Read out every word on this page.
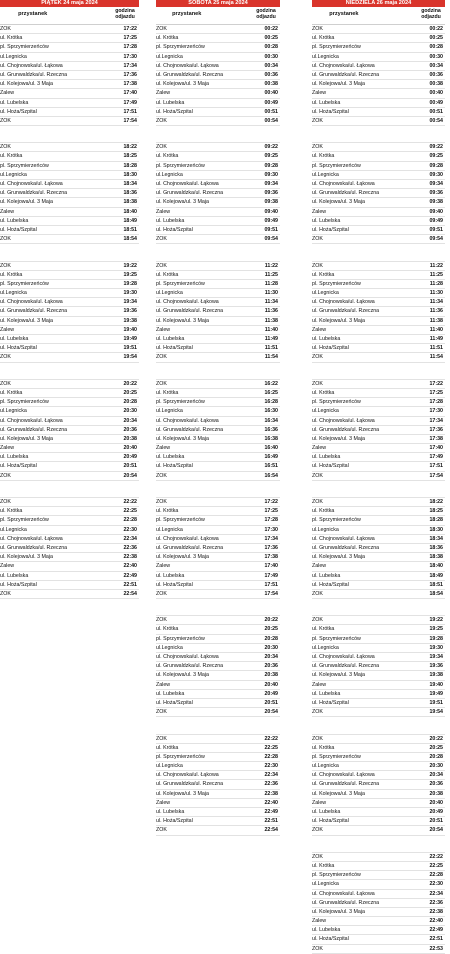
PIĄTEK 24 maja 2024
przystanek	godzina
odjazdu
ZOK	17:22
ul. Krótka	17:25
pl. Sprzymierzeńców	17:28
ul.Legnicka	17:30
ul. Chojnowska/ul. Łąkowa	17:34
ul. Grunwaldzka/ul. Rzeczna	17:36
ul. Kolejowa/ul. 3 Maja	17:38
Zalew	17:40
ul. Lubelska	17:49
ul. Hoża/Szpital	17:51
ZOK	17:54
ZOK	18:22
ul. Krótka	18:25
pl. Sprzymierzeńców	18:28
ul.Legnicka	18:30
ul. Chojnowska/ul. Łąkowa	18:34
ul. Grunwaldzka/ul. Rzeczna	18:36
ul. Kolejowa/ul. 3 Maja	18:38
Zalew	18:40
ul. Lubelska	18:49
ul. Hoża/Szpital	18:51
ZOK	18:54
ZOK	19:22
ul. Krótka	19:25
pl. Sprzymierzeńców	19:28
ul.Legnicka	19:30
ul. Chojnowska/ul. Łąkowa	19:34
ul. Grunwaldzka/ul. Rzeczna	19:36
ul. Kolejowa/ul. 3 Maja	19:38
Zalew	19:40
ul. Lubelska	19:49
ul. Hoża/Szpital	19:51
ZOK	19:54
ZOK	20:22
ul. Krótka	20:25
pl. Sprzymierzeńców	20:28
ul.Legnicka	20:30
ul. Chojnowska/ul. Łąkowa	20:34
ul. Grunwaldzka/ul. Rzeczna	20:36
ul. Kolejowa/ul. 3 Maja	20:38
Zalew	20:40
ul. Lubelska	20:49
ul. Hoża/Szpital	20:51
ZOK	20:54
ZOK	22:22
ul. Krótka	22:25
pl. Sprzymierzeńców	22:28
ul.Legnicka	22:30
ul. Chojnowska/ul. Łąkowa	22:34
ul. Grunwaldzka/ul. Rzeczna	22:36
ul. Kolejowa/ul. 3 Maja	22:38
Zalew	22:40
ul. Lubelska	22:49
ul. Hoża/Szpital	22:51
ZOK	22:54
SOBOTA 25 maja 2024
przystanek	godzina
odjazdu
ZOK	00:22
ul. Krótka	00:25
pl. Sprzymierzeńców	00:28
ul.Legnicka	00:30
ul. Chojnowska/ul. Łąkowa	00:34
ul. Grunwaldzka/ul. Rzeczna	00:36
ul. Kolejowa/ul. 3 Maja	00:38
Zalew	00:40
ul. Lubelska	00:49
ul. Hoża/Szpital	00:51
ZOK	00:54
ZOK	09:22
ul. Krótka	09:25
pl. Sprzymierzeńców	09:28
ul.Legnicka	09:30
ul. Chojnowska/ul. Łąkowa	09:34
ul. Grunwaldzka/ul. Rzeczna	09:36
ul. Kolejowa/ul. 3 Maja	09:38
Zalew	09:40
ul. Lubelska	09:49
ul. Hoża/Szpital	09:51
ZOK	09:54
ZOK	11:22
ul. Krótka	11:25
pl. Sprzymierzeńców	11:28
ul.Legnicka	11:30
ul. Chojnowska/ul. Łąkowa	11:34
ul. Grunwaldzka/ul. Rzeczna	11:36
ul. Kolejowa/ul. 3 Maja	11:38
Zalew	11:40
ul. Lubelska	11:49
ul. Hoża/Szpital	11:51
ZOK	11:54
ZOK	16:22
ul. Krótka	16:25
pl. Sprzymierzeńców	16:28
ul.Legnicka	16:30
ul. Chojnowska/ul. Łąkowa	16:34
ul. Grunwaldzka/ul. Rzeczna	16:36
ul. Kolejowa/ul. 3 Maja	16:38
Zalew	16:40
ul. Lubelska	16:49
ul. Hoża/Szpital	16:51
ZOK	16:54
ZOK	17:22
ul. Krótka	17:25
pl. Sprzymierzeńców	17:28
ul.Legnicka	17:30
ul. Chojnowska/ul. Łąkowa	17:34
ul. Grunwaldzka/ul. Rzeczna	17:36
ul. Kolejowa/ul. 3 Maja	17:38
Zalew	17:40
ul. Lubelska	17:49
ul. Hoża/Szpital	17:51
ZOK	17:54
ZOK	20:22
ul. Krótka	20:25
pl. Sprzymierzeńców	20:28
ul.Legnicka	20:30
ul. Chojnowska/ul. Łąkowa	20:34
ul. Grunwaldzka/ul. Rzeczna	20:36
ul. Kolejowa/ul. 3 Maja	20:38
Zalew	20:40
ul. Lubelska	20:49
ul. Hoża/Szpital	20:51
ZOK	20:54
ZOK	22:22
ul. Krótka	22:25
pl. Sprzymierzeńców	22:28
ul.Legnicka	22:30
ul. Chojnowska/ul. Łąkowa	22:34
ul. Grunwaldzka/ul. Rzeczna	22:36
ul. Kolejowa/ul. 3 Maja	22:38
Zalew	22:40
ul. Lubelska	22:49
ul. Hoża/Szpital	22:51
ZOK	22:54
NIEDZIELA 26 maja 2024
przystanek	godzina
odjazdu
ZOK	00:22
ul. Krótka	00:25
pl. Sprzymierzeńców	00:28
ul.Legnicka	00:30
ul. Chojnowska/ul. Łąkowa	00:34
ul. Grunwaldzka/ul. Rzeczna	00:36
ul. Kolejowa/ul. 3 Maja	00:38
Zalew	00:40
ul. Lubelska	00:49
ul. Hoża/Szpital	00:51
ZOK	00:54
ZOK	09:22
ul. Krótka	09:25
pl. Sprzymierzeńców	09:28
ul.Legnicka	09:30
ul. Chojnowska/ul. Łąkowa	09:34
ul. Grunwaldzka/ul. Rzeczna	09:36
ul. Kolejowa/ul. 3 Maja	09:38
Zalew	09:40
ul. Lubelska	09:49
ul. Hoża/Szpital	09:51
ZOK	09:54
ZOK	11:22
ul. Krótka	11:25
pl. Sprzymierzeńców	11:28
ul.Legnicka	11:30
ul. Chojnowska/ul. Łąkowa	11:34
ul. Grunwaldzka/ul. Rzeczna	11:36
ul. Kolejowa/ul. 3 Maja	11:38
Zalew	11:40
ul. Lubelska	11:49
ul. Hoża/Szpital	11:51
ZOK	11:54
ZOK	17:22
ul. Krótka	17:25
pl. Sprzymierzeńców	17:28
ul.Legnicka	17:30
ul. Chojnowska/ul. Łąkowa	17:34
ul. Grunwaldzka/ul. Rzeczna	17:36
ul. Kolejowa/ul. 3 Maja	17:38
Zalew	17:40
ul. Lubelska	17:49
ul. Hoża/Szpital	17:51
ZOK	17:54
ZOK	18:22
ul. Krótka	18:25
pl. Sprzymierzeńców	18:28
ul.Legnicka	18:30
ul. Chojnowska/ul. Łąkowa	18:34
ul. Grunwaldzka/ul. Rzeczna	18:36
ul. Kolejowa/ul. 3 Maja	18:38
Zalew	18:40
ul. Lubelska	18:49
ul. Hoża/Szpital	18:51
ZOK	18:54
ZOK	19:22
ul. Krótka	19:25
pl. Sprzymierzeńców	19:28
ul.Legnicka	19:30
ul. Chojnowska/ul. Łąkowa	19:34
ul. Grunwaldzka/ul. Rzeczna	19:36
ul. Kolejowa/ul. 3 Maja	19:38
Zalew	19:40
ul. Lubelska	19:49
ul. Hoża/Szpital	19:51
ZOK	19:54
ZOK	20:22
ul. Krótka	20:25
pl. Sprzymierzeńców	20:28
ul.Legnicka	20:30
ul. Chojnowska/ul. Łąkowa	20:34
ul. Grunwaldzka/ul. Rzeczna	20:36
ul. Kolejowa/ul. 3 Maja	20:38
Zalew	20:40
ul. Lubelska	20:49
ul. Hoża/Szpital	20:51
ZOK	20:54
ZOK	22:22
ul. Krótka	22:25
pl. Sprzymierzeńców	22:28
ul.Legnicka	22:30
ul. Chojnowska/ul. Łąkowa	22:34
ul. Grunwaldzka/ul. Rzeczna	22:36
ul. Kolejowa/ul. 3 Maja	22:38
Zalew	22:40
ul. Lubelska	22:49
ul. Hoża/Szpital	22:51
ZOK	22:53
